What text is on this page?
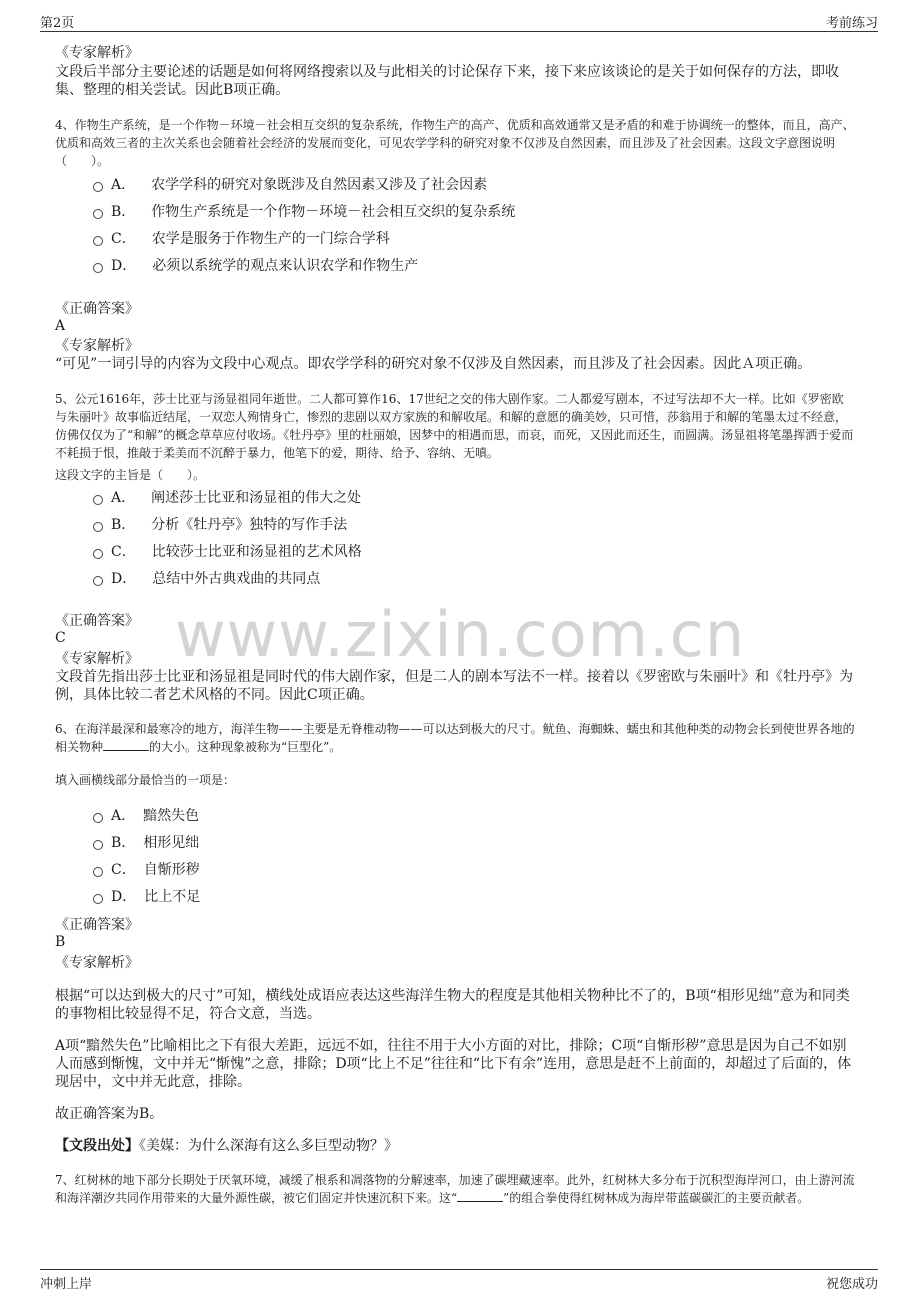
第2页	考前练习
www.zixin.com.cn
《专家解析》
文段后半部分主要论述的话题是如何将网络搜索以及与此相关的讨论保存下来，接下来应该谈论的是关于如何保存的方法，即收集、整理的相关尝试。因此B项正确。
4、作物生产系统，是一个作物－环境－社会相互交织的复杂系统，作物生产的高产、优质和高效通常又是矛盾的和难于协调统一的整体，而且，高产、优质和高效三者的主次关系也会随着社会经济的发展而变化，可见农学学科的研究对象不仅涉及自然因素，而且涉及了社会因素。这段文字意图说明（　　）。
A． 农学学科的研究对象既涉及自然因素又涉及了社会因素
B． 作物生产系统是一个作物－环境－社会相互交织的复杂系统
C． 农学是服务于作物生产的一门综合学科
D． 必须以系统学的观点来认识农学和作物生产
《正确答案》
A
《专家解析》
“可见”一词引导的内容为文段中心观点。即农学学科的研究对象不仅涉及自然因素，而且涉及了社会因素。因此Ａ项正确。
5、公元1616年，莎士比亚与汤显祖同年逝世。二人都可算作16、17世纪之交的伟大剧作家。二人都爱写剧本，不过写法却不大一样。比如《罗密欧与朱丽叶》故事临近结尾，一双恋人殉情身亡，惨烈的悲剧以双方家族的和解收尾。和解的意愿的确美妙，只可惜，莎翁用于和解的笔墨太过不经意，仿佛仅仅为了“和解”的概念草草应付收场。《牡丹亭》里的杜丽娘，因梦中的相遇而思，而哀，而死，又因此而还生，而圆满。汤显祖将笔墨挥洒于爱而不耗损于恨，推敲于柔美而不沉醉于暴力，他笔下的爱，期待、给予、容纳、无嗔。
这段文字的主旨是（　　）。
A． 阐述莎士比亚和汤显祖的伟大之处
B． 分析《牡丹亭》独特的写作手法
C． 比较莎士比亚和汤显祖的艺术风格
D． 总结中外古典戏曲的共同点
《正确答案》
C
《专家解析》
文段首先指出莎士比亚和汤显祖是同时代的伟大剧作家，但是二人的剧本写法不一样。接着以《罗密欧与朱丽叶》和《牡丹亭》为例，具体比较二者艺术风格的不同。因此C项正确。
6、在海洋最深和最寒冷的地方，海洋生物——主要是无脊椎动物——可以达到极大的尺寸。鱿鱼、海蜘蛛、蠕虫和其他种类的动物会长到使世界各地的相关物种	的大小。这种现象被称为“巨型化”。
填入画横线部分最恰当的一项是：
A． 黯然失色
B． 相形见绌
C． 自惭形秽
D． 比上不足
《正确答案》
B
《专家解析》
根据“可以达到极大的尺寸”可知，横线处成语应表达这些海洋生物大的程度是其他相关物种比不了的，B项“相形见绌”意为和同类的事物相比较显得不足，符合文意，当选。
A项“黯然失色”比喻相比之下有很大差距，远远不如，往往不用于大小方面的对比，排除；C项“自惭形秽”意思是因为自己不如别人而感到惭愧，文中并无“惭愧”之意，排除；D项“比上不足”往往和“比下有余”连用，意思是赶不上前面的，却超过了后面的，体现居中，文中并无此意，排除。
故正确答案为B。
【文段出处】《美媒：为什么深海有这么多巨型动物？》
7、红树林的地下部分长期处于厌氧环境，减缓了根系和凋落物的分解速率，加速了碳埋藏速率。此外，红树林大多分布于沉积型海岸河口，由上游河流和海洋潮汐共同作用带来的大量外源性碳，被它们固定并快速沉积下来。这“	”的组合拳使得红树林成为海岸带蓝碳碳汇的主要贡献者。
冲刺上岸	祝您成功
